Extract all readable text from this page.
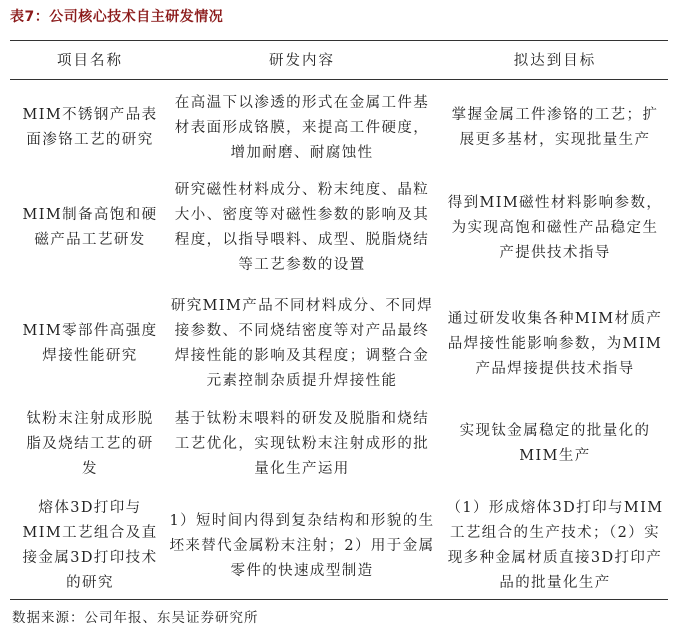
表7：公司核心技术自主研发情况
项目名称	研发内容	拟达到目标
MIM不锈钢产品表面渗铬工艺的研究
在高温下以渗透的形式在金属工件基材表面形成铬膜，来提高工件硬度，增加耐磨、耐腐蚀性
掌握金属工件渗铬的工艺；扩展更多基材，实现批量生产
MIM制备高饱和硬磁产品工艺研发
研究磁性材料成分、粉末纯度、晶粒大小、密度等对磁性参数的影响及其程度，以指导喂料、成型、脱脂烧结等工艺参数的设置
得到MIM磁性材料影响参数，为实现高饱和磁性产品稳定生产提供技术指导
MIM零部件高强度焊接性能研究
研究MIM产品不同材料成分、不同焊接参数、不同烧结密度等对产品最终焊接性能的影响及其程度；调整合金元素控制杂质提升焊接性能
通过研发收集各种MIM材质产品焊接性能影响参数，为MIM产品焊接提供技术指导
钛粉末注射成形脱脂及烧结工艺的研发
基于钛粉末喂料的研发及脱脂和烧结工艺优化，实现钛粉末注射成形的批量化生产运用
实现钛金属稳定的批量化的MIM生产
熔体3D打印与MIM工艺组合及直接金属3D打印技术的研究
1）短时间内得到复杂结构和形貌的生坯来替代金属粉末注射；2）用于金属零件的快速成型制造
（1）形成熔体3D打印与MIM工艺组合的生产技术；（2）实现多种金属材质直接3D打印产品的批量化生产
数据来源：公司年报、东吴证券研究所
